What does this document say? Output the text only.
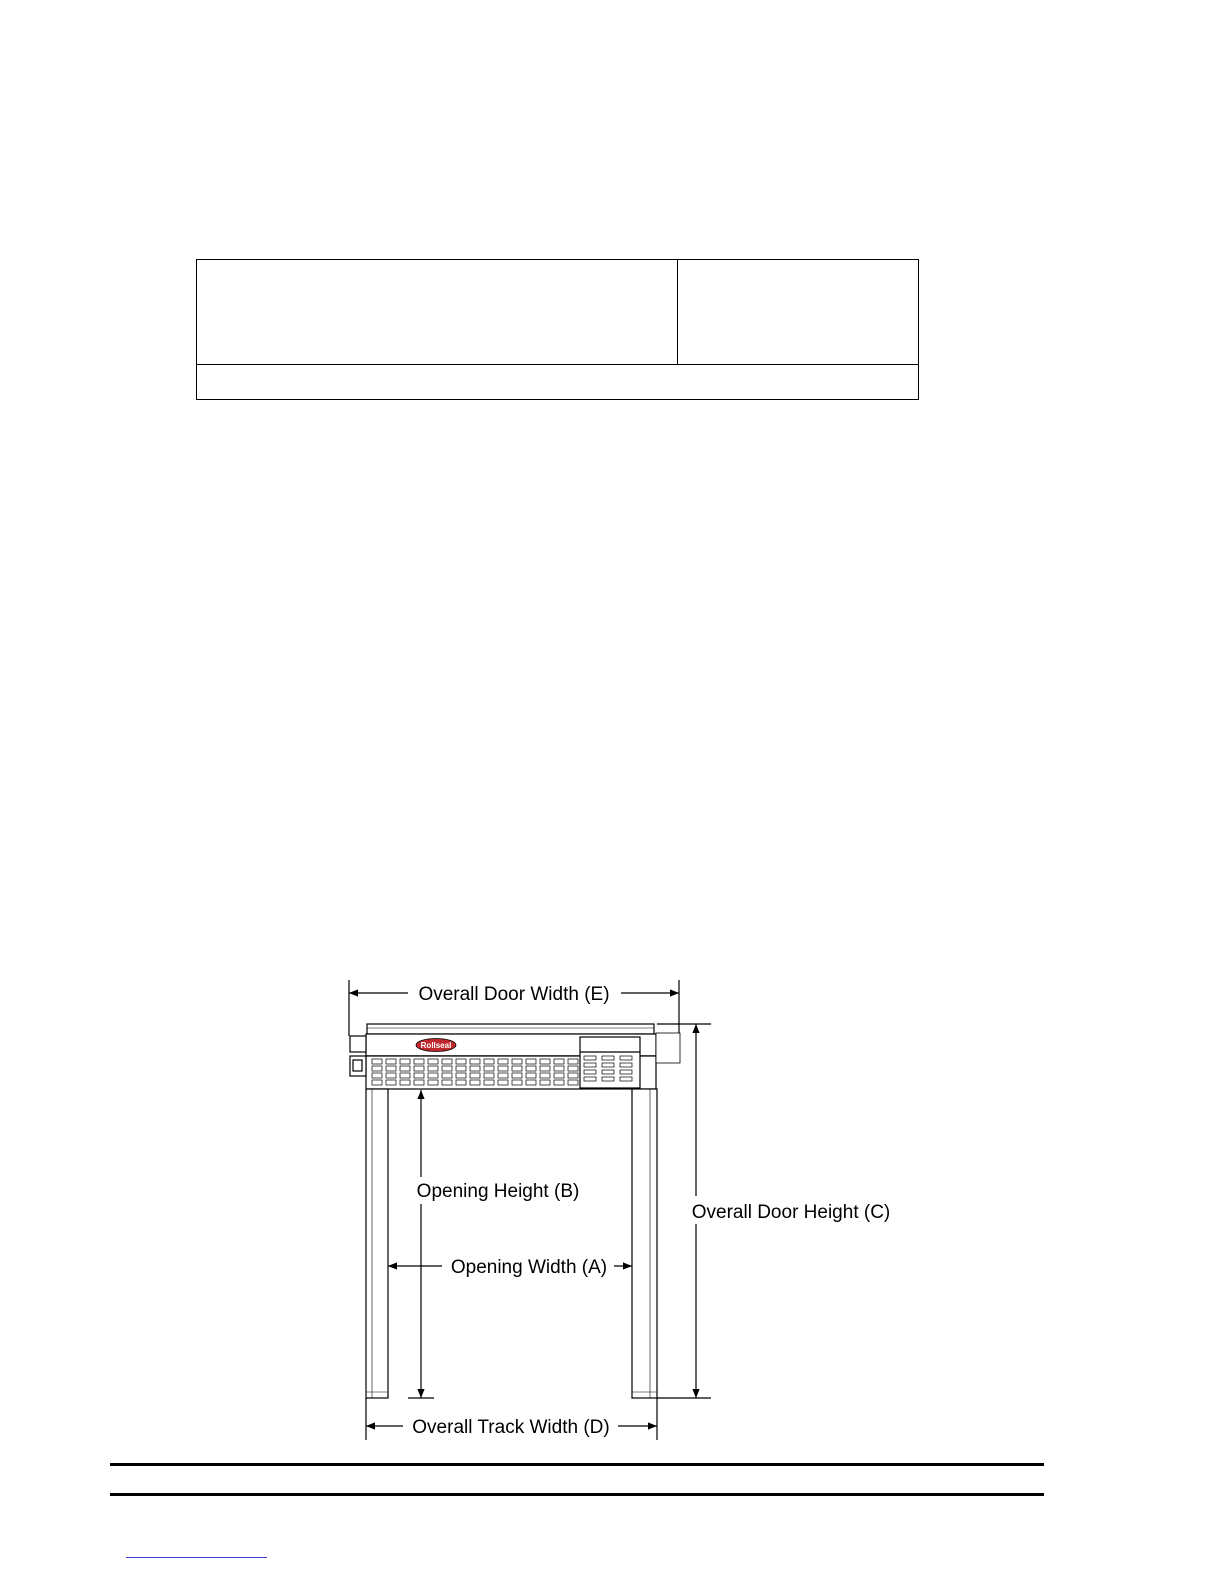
Rollseal
Overall Door Width (E)
Overall Door Height (C)
Opening Height (B)
Opening Width (A)
Overall Track Width (D)
